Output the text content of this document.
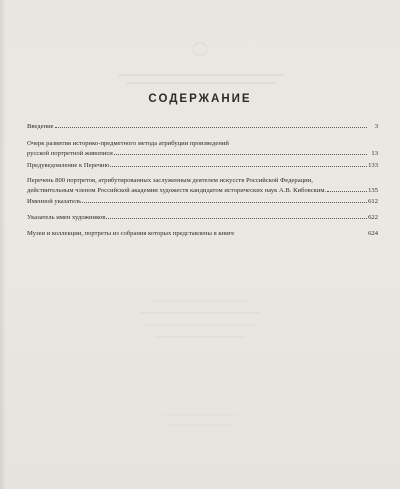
СОДЕРЖАНИЕ
Введение	3
Очерк развития историко-предметного метода атрибуции произведений
русской портретной живописи	13
Предуведомление к Перечню	133
Перечень 800 портретов, атрибутированных заслуженным деятелем искусств Российской Федерации,
действительным членом Российской академии художеств кандидатом исторических наук А.В. Кибовским.	135
Именной указатель	612
Указатель имен художников	622
Музеи и коллекции, портреты из собрания которых представлены в книге	624
